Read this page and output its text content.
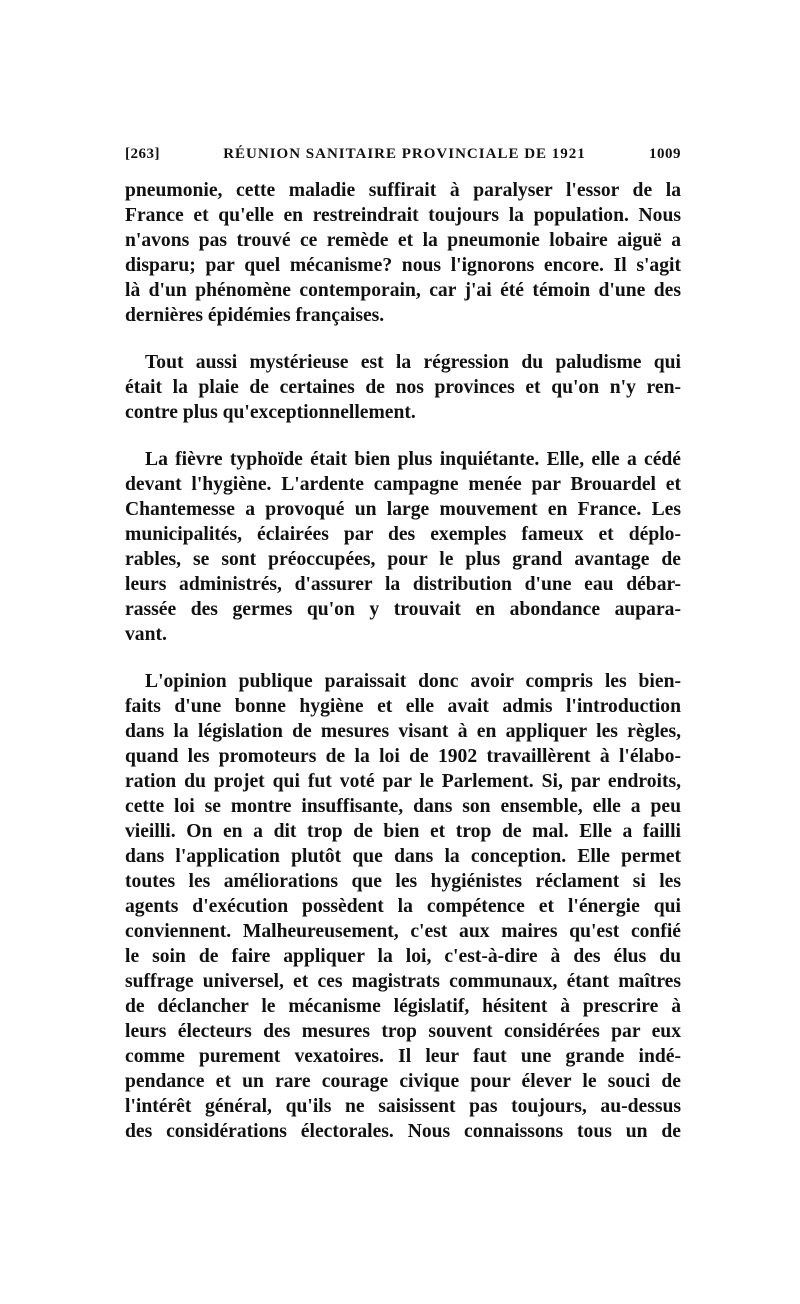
[263]	RÉUNION SANITAIRE PROVINCIALE DE 1921	1009
pneumonie, cette maladie suffirait à paralyser l'essor de la
France et qu'elle en restreindrait toujours la population. Nous
n'avons pas trouvé ce remède et la pneumonie lobaire aiguë a
disparu; par quel mécanisme? nous l'ignorons encore. Il s'agit
là d'un phénomène contemporain, car j'ai été témoin d'une des
dernières épidémies françaises.
Tout aussi mystérieuse est la régression du paludisme qui
était la plaie de certaines de nos provinces et qu'on n'y ren-
contre plus qu'exceptionnellement.
La fièvre typhoïde était bien plus inquiétante. Elle, elle a cédé
devant l'hygiène. L'ardente campagne menée par Brouardel et
Chantemesse a provoqué un large mouvement en France. Les
municipalités, éclairées par des exemples fameux et déplo-
rables, se sont préoccupées, pour le plus grand avantage de
leurs administrés, d'assurer la distribution d'une eau débar-
rassée des germes qu'on y trouvait en abondance aupara-
vant.
L'opinion publique paraissait donc avoir compris les bien-
faits d'une bonne hygiène et elle avait admis l'introduction
dans la législation de mesures visant à en appliquer les règles,
quand les promoteurs de la loi de 1902 travaillèrent à l'élabo-
ration du projet qui fut voté par le Parlement. Si, par endroits,
cette loi se montre insuffisante, dans son ensemble, elle a peu
vieilli. On en a dit trop de bien et trop de mal. Elle a failli
dans l'application plutôt que dans la conception. Elle permet
toutes les améliorations que les hygiénistes réclament si les
agents d'exécution possèdent la compétence et l'énergie qui
conviennent. Malheureusement, c'est aux maires qu'est confié
le soin de faire appliquer la loi, c'est-à-dire à des élus du
suffrage universel, et ces magistrats communaux, étant maîtres
de déclancher le mécanisme législatif, hésitent à prescrire à
leurs électeurs des mesures trop souvent considérées par eux
comme purement vexatoires. Il leur faut une grande indé-
pendance et un rare courage civique pour élever le souci de
l'intérêt général, qu'ils ne saisissent pas toujours, au-dessus
des considérations électorales. Nous connaissons tous un de
